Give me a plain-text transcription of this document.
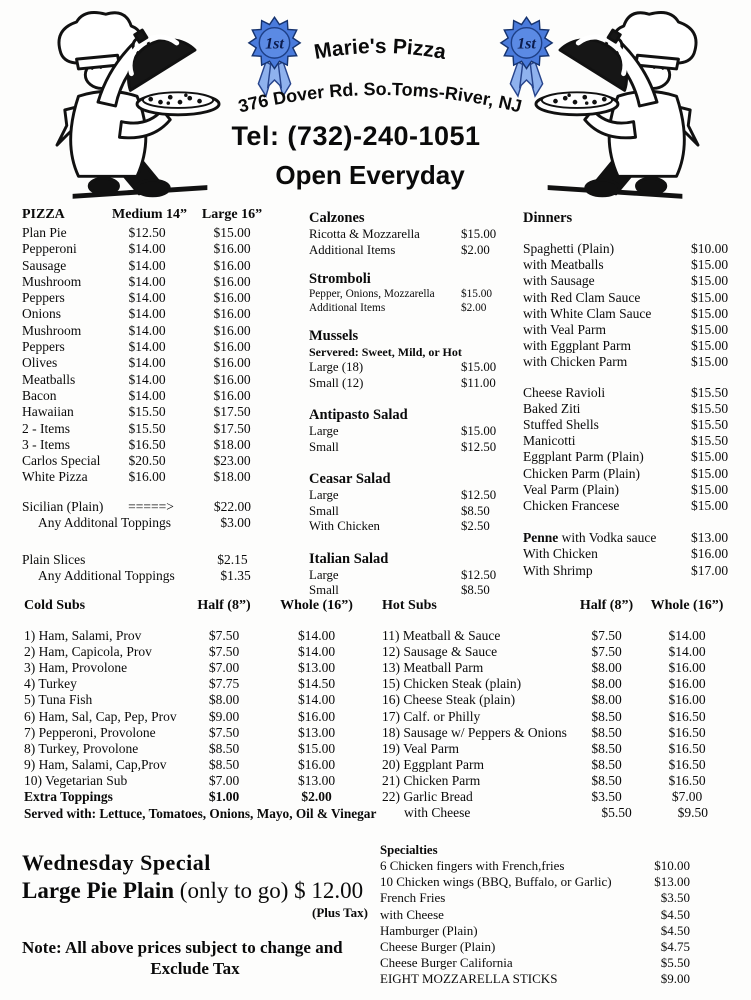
Marie's Pizza
376 Dover Rd. So.Toms-River, NJ
Tel: (732)-240-1051
Open Everyday
PIZZA	Medium 14”	Large 16”
Plan Pie	$12.50	$15.00
Pepperoni	$14.00	$16.00
Sausage	$14.00	$16.00
Mushroom	$14.00	$16.00
Peppers	$14.00	$16.00
Onions	$14.00	$16.00
Mushroom	$14.00	$16.00
Peppers	$14.00	$16.00
Olives	$14.00	$16.00
Meatballs	$14.00	$16.00
Bacon	$14.00	$16.00
Hawaiian	$15.50	$17.50
2 - Items	$15.50	$17.50
3 - Items	$16.50	$18.00
Carlos Special	$20.50	$23.00
White Pizza	$16.00	$18.00
Sicilian (Plain)	=====>	$22.00
Any Additonal Toppings	$3.00
Plain Slices	$2.15
Any Additional Toppings	$1.35
Calzones
Ricotta & Mozzarella	$15.00
Additional Items	$2.00
Stromboli
Pepper, Onions, Mozzarella	$15.00
Additional Items	$2.00
Mussels
Servered: Sweet, Mild, or Hot
Large (18)	$15.00
Small (12)	$11.00
Antipasto Salad
Large	$15.00
Small	$12.50
Ceasar Salad
Large	$12.50
Small	$8.50
With Chicken	$2.50
Italian Salad
Large	$12.50
Small	$8.50
Dinners
Spaghetti (Plain)	$10.00
with Meatballs	$15.00
with Sausage	$15.00
with Red Clam Sauce	$15.00
with White Clam Sauce	$15.00
with Veal Parm	$15.00
with Eggplant Parm	$15.00
with Chicken Parm	$15.00
Cheese Ravioli	$15.50
Baked Ziti	$15.50
Stuffed Shells	$15.50
Manicotti	$15.50
Eggplant Parm (Plain)	$15.00
Chicken Parm (Plain)	$15.00
Veal Parm (Plain)	$15.00
Chicken Francese	$15.00
Penne with Vodka sauce	$13.00
With Chicken	$16.00
With Shrimp	$17.00
Cold Subs	Half (8”)	Whole (16”)
1) Ham, Salami, Prov	$7.50	$14.00
2) Ham, Capicola, Prov	$7.50	$14.00
3) Ham, Provolone	$7.00	$13.00
4) Turkey	$7.75	$14.50
5) Tuna Fish	$8.00	$14.00
6) Ham, Sal, Cap, Pep, Prov	$9.00	$16.00
7) Pepperoni, Provolone	$7.50	$13.00
8) Turkey, Provolone	$8.50	$15.00
9) Ham, Salami, Cap,Prov	$8.50	$16.00
10) Vegetarian Sub	$7.00	$13.00
Extra Toppings	$1.00	$2.00
Served with: Lettuce, Tomatoes, Onions, Mayo, Oil & Vinegar
Hot Subs	Half (8”)	Whole (16”)
11) Meatball & Sauce	$7.50	$14.00
12) Sausage & Sauce	$7.50	$14.00
13) Meatball Parm	$8.00	$16.00
15) Chicken Steak (plain)	$8.00	$16.00
16) Cheese Steak (plain)	$8.00	$16.00
17) Calf. or Philly	$8.50	$16.50
18) Sausage w/ Peppers & Onions	$8.50	$16.50
19) Veal Parm	$8.50	$16.50
20) Eggplant Parm	$8.50	$16.50
21) Chicken Parm	$8.50	$16.50
22) Garlic Bread	$3.50	$7.00
with Cheese	$5.50	$9.50
Wednesday Special
Large Pie Plain (only to go) $ 12.00
(Plus Tax)
Note: All above prices subject to change and
Exclude Tax
Specialties
6 Chicken fingers with French,fries	$10.00
10 Chicken wings (BBQ, Buffalo, or Garlic)	$13.00
French Fries	$3.50
with Cheese	$4.50
Hamburger (Plain)	$4.50
Cheese Burger (Plain)	$4.75
Cheese Burger California	$5.50
EIGHT MOZZARELLA STICKS	$9.00
